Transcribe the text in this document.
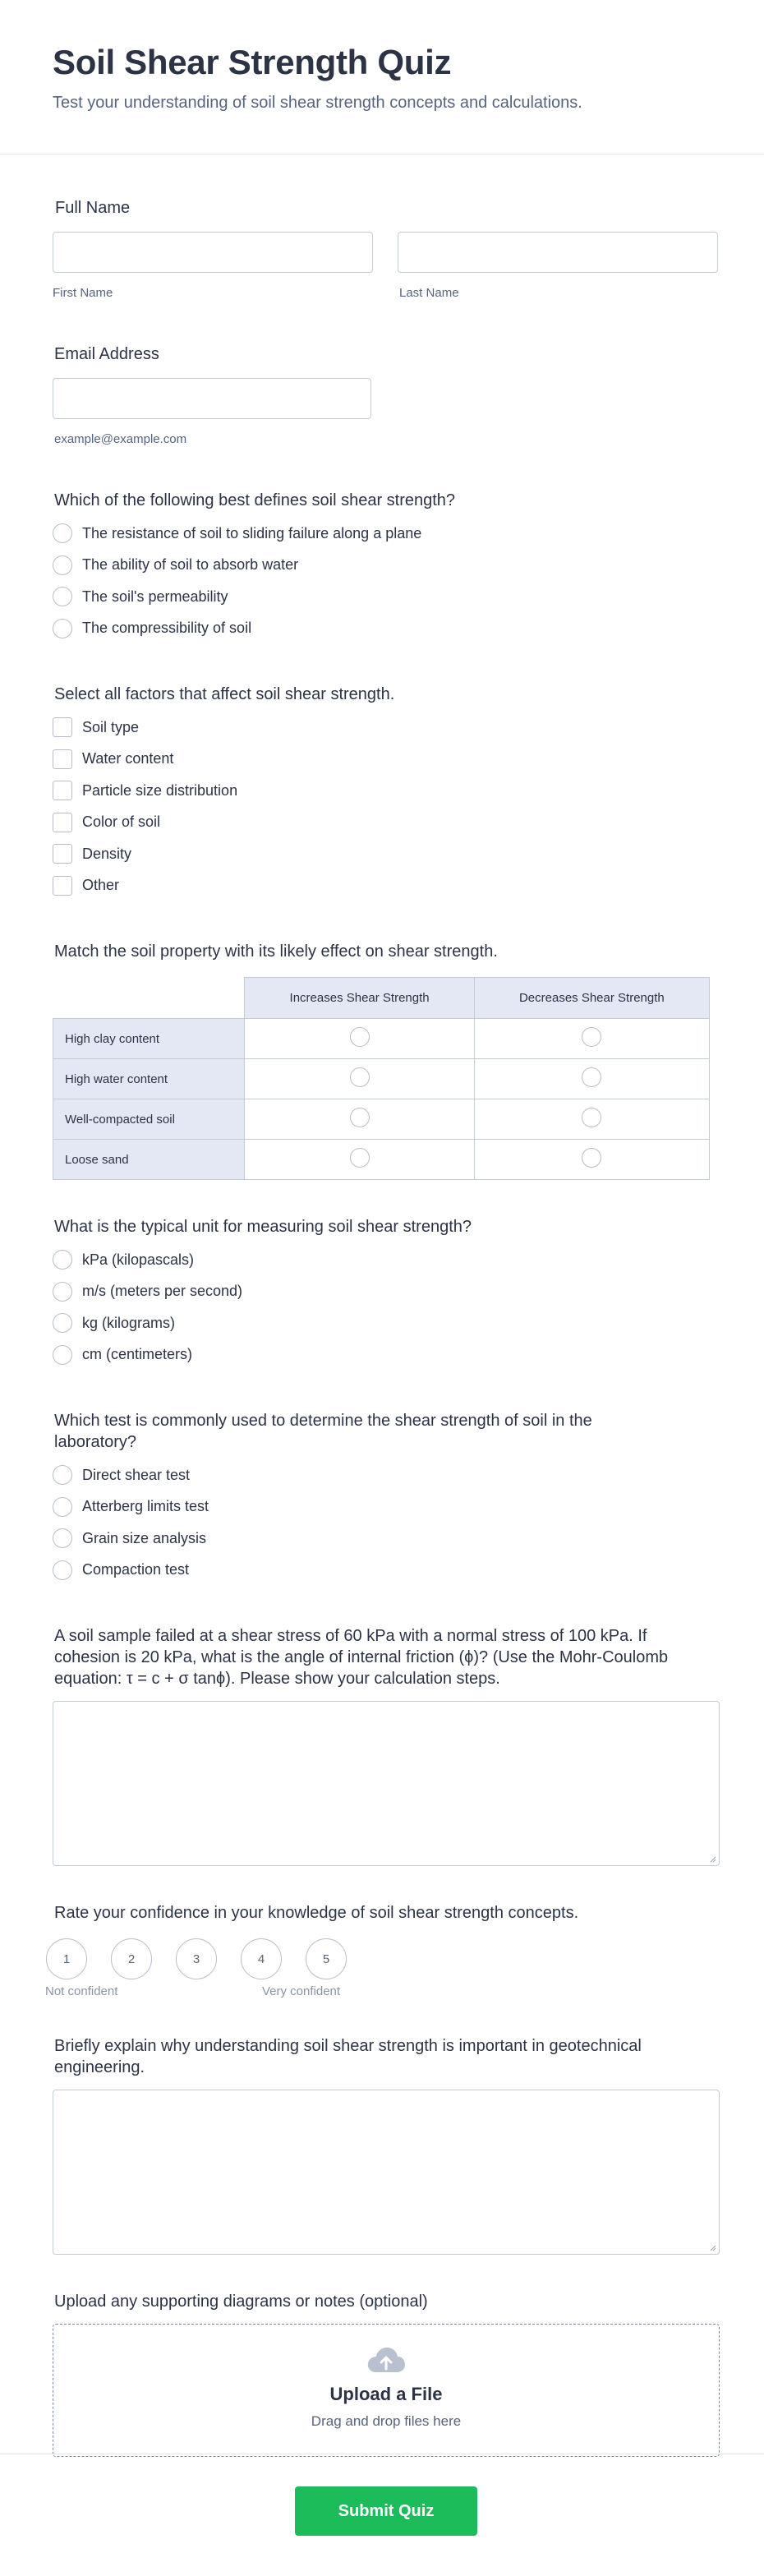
Soil Shear Strength Quiz

Test your understanding of soil shear strength concepts and calculations.

Full Name
First Name	Last Name
Email Address
example@example.com
Which of the following best defines soil shear strength?
The resistance of soil to sliding failure along a plane
The ability of soil to absorb water
The soil's permeability
The compressibility of soil
Select all factors that affect soil shear strength.
Soil type
Water content
Particle size distribution
Color of soil
Density
Other
Match the soil property with its likely effect on shear strength.
	Increases Shear Strength	Decreases Shear Strength
High clay content		
High water content		
Well-compacted soil		
Loose sand		
What is the typical unit for measuring soil shear strength?
kPa (kilopascals)
m/s (meters per second)
kg (kilograms)
cm (centimeters)
Which test is commonly used to determine the shear strength of soil in the laboratory?
Direct shear test
Atterberg limits test
Grain size analysis
Compaction test
A soil sample failed at a shear stress of 60 kPa with a normal stress of 100 kPa. If cohesion is 20 kPa, what is the angle of internal friction (ϕ)? (Use the Mohr-Coulomb equation: τ = c + σ tanϕ). Please show your calculation steps.
Rate your confidence in your knowledge of soil shear strength concepts.
1	2	3	4	5
Not confident	Very confident
Briefly explain why understanding soil shear strength is important in geotechnical engineering.
Upload any supporting diagrams or notes (optional)
Upload a File
Drag and drop files here
Submit Quiz
